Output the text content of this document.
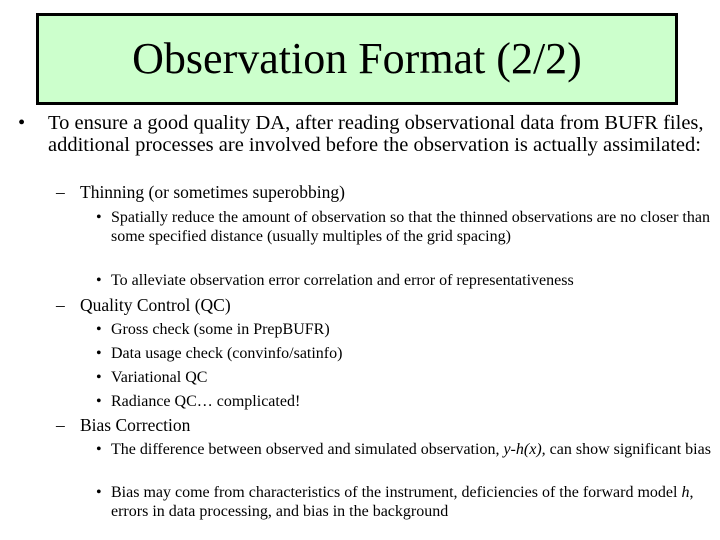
Observation Format (2/2)
• To ensure a good quality DA, after reading observational data from BUFR files, additional processes are involved before the observation is actually assimilated:
– Thinning (or sometimes superobbing)
• Spatially reduce the amount of observation so that the thinned observations are no closer than some specified distance (usually multiples of the grid spacing)
• To alleviate observation error correlation and error of representativeness
– Quality Control (QC)
• Gross check (some in PrepBUFR)
• Data usage check (convinfo/satinfo)
• Variational QC
• Radiance QC… complicated!
– Bias Correction
• The difference between observed and simulated observation, y-h(x), can show significant bias
• Bias may come from characteristics of the instrument, deficiencies of the forward model h, errors in data processing, and bias in the background
